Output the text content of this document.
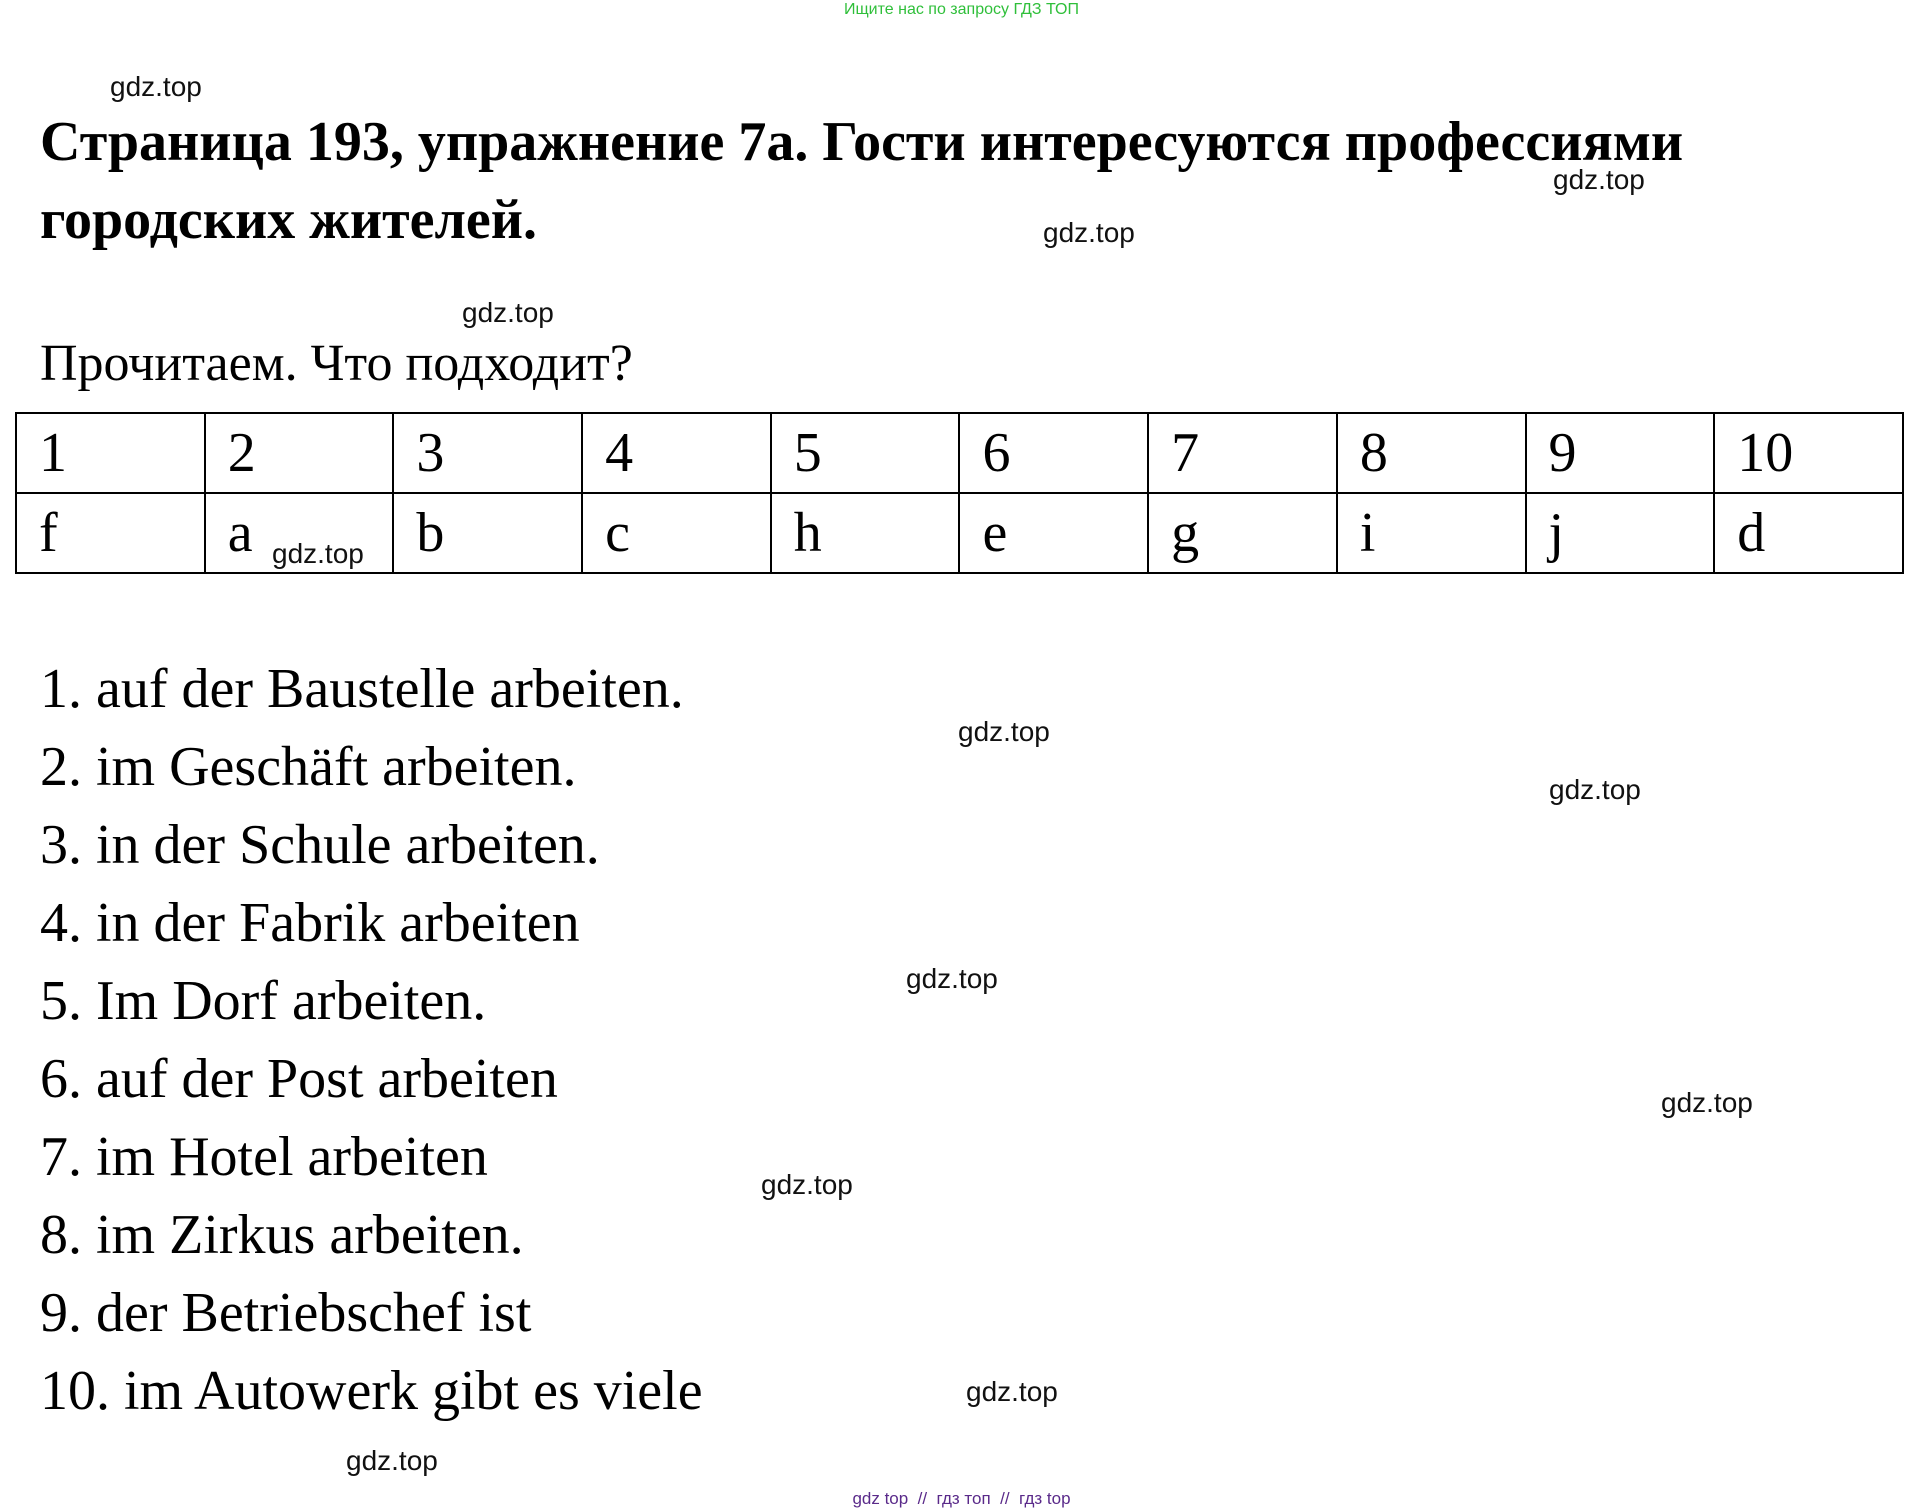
Ищите нас по запросу ГДЗ ТОП
gdz.top
gdz.top
gdz.top
gdz.top
gdz.top
gdz.top
gdz.top
gdz.top
gdz.top
gdz.top
gdz.top
gdz.top
Страница 193, упражнение 7а. Гости интересуются профессиями городских жителей.

Прочитаем. Что подходит?

1	2	3	4	5	6	7	8	9	10
f	a	b	c	h	e	g	i	j	d
1. auf der Baustelle arbeiten.
2. im Geschäft arbeiten.
3. in der Schule arbeiten.
4. in der Fabrik arbeiten
5. Im Dorf arbeiten.
6. auf der Post arbeiten
7. im Hotel arbeiten
8. im Zirkus arbeiten.
9. der Betriebschef ist
10. im Autowerk gibt es viele
gdz top  //  гдз топ  //  гдз top
